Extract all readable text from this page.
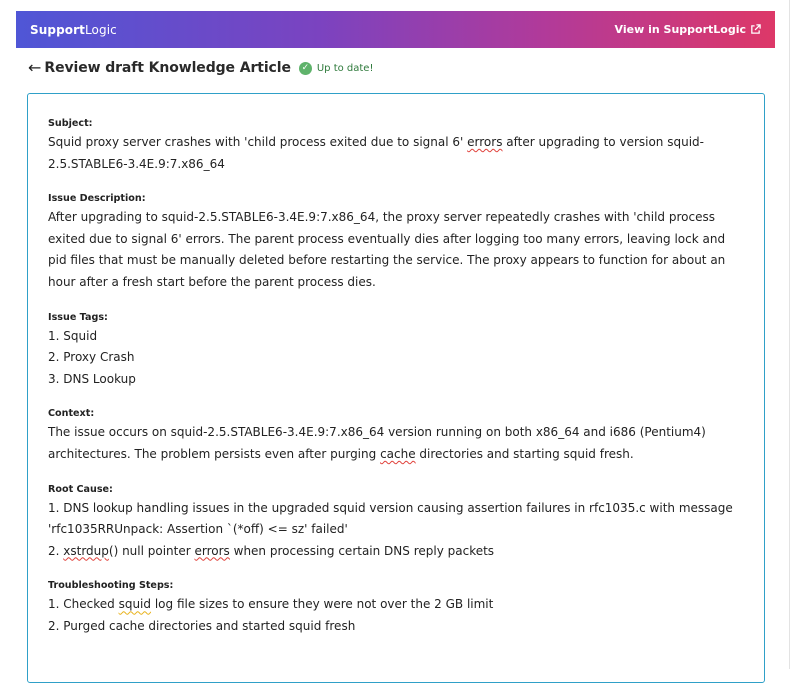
SupportLogic	View in SupportLogic
← Review draft Knowledge Article	✓ Up to date!

Subject:

Squid proxy server crashes with 'child process exited due to signal 6' errors after upgrading to version squid-2.5.STABLE6-3.4E.9:7.x86_64

Issue Description:

After upgrading to squid-2.5.STABLE6-3.4E.9:7.x86_64, the proxy server repeatedly crashes with 'child process exited due to signal 6' errors. The parent process eventually dies after logging too many errors, leaving lock and pid files that must be manually deleted before restarting the service. The proxy appears to function for about an hour after a fresh start before the parent process dies.

Issue Tags:

1. Squid

2. Proxy Crash

3. DNS Lookup

Context:

The issue occurs on squid-2.5.STABLE6-3.4E.9:7.x86_64 version running on both x86_64 and i686 (Pentium4) architectures. The problem persists even after purging cache directories and starting squid fresh.

Root Cause:

1. DNS lookup handling issues in the upgraded squid version causing assertion failures in rfc1035.c with message 'rfc1035RRUnpack: Assertion `(*off) <= sz' failed'

2. xstrdup() null pointer errors when processing certain DNS reply packets

Troubleshooting Steps:

1. Checked squid log file sizes to ensure they were not over the 2 GB limit

2. Purged cache directories and started squid fresh
